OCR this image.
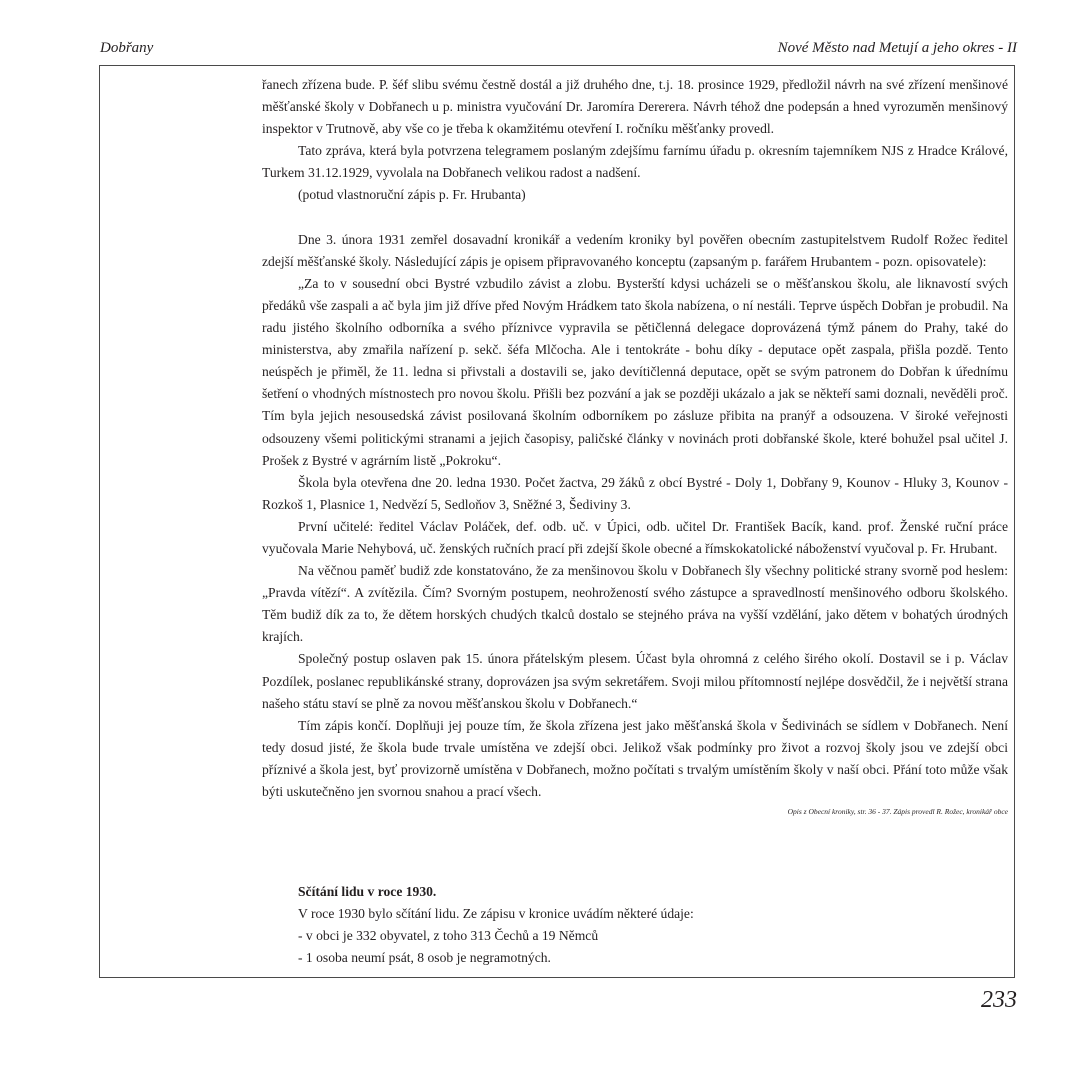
Dobřany	Nové Město nad Metují a jeho okres - II

řanech zřízena bude. P. šéf slibu svému čestně dostál a již druhého dne, t.j. 18. prosince 1929, předložil návrh na své zřízení menšinové měšťanské školy v Dobřanech u p. ministra vyučování Dr. Jaromíra Dererera. Návrh téhož dne podepsán a hned vyrozuměn menšinový inspektor v Trutnově, aby vše co je třeba k okamžitému otevření I. ročníku měšťanky provedl.

Tato zpráva, která byla potvrzena telegramem poslaným zdejšímu farnímu úřadu p. okresním tajemníkem NJS z Hradce Králové, Turkem 31.12.1929, vyvolala na Dobřanech velikou radost a nadšení.

(potud vlastnoruční zápis p. Fr. Hrubanta)

Dne 3. února 1931 zemřel dosavadní kronikář a vedením kroniky byl pověřen obecním zastupitelstvem Rudolf Rožec ředitel zdejší měšťanské školy. Následující zápis je opisem připravovaného konceptu (zapsaným p. farářem Hrubantem - pozn. opisovatele):

„Za to v sousední obci Bystré vzbudilo závist a zlobu. Bysterští kdysi ucházeli se o měšťanskou školu, ale liknavostí svých předáků vše zaspali a ač byla jim již dříve před Novým Hrádkem tato škola nabízena, o ní nestáli. Teprve úspěch Dobřan je probudil. Na radu jistého školního odborníka a svého příznivce vypravila se pětičlenná delegace doprovázená týmž pánem do Prahy, také do ministerstva, aby zmařila nařízení p. sekč. šéfa Mlčocha. Ale i tentokráte - bohu díky - deputace opět zaspala, přišla pozdě. Tento neúspěch je přiměl, že 11. ledna si přivstali a dostavili se, jako devítičlenná deputace, opět se svým patronem do Dobřan k úřednímu šetření o vhodných místnostech pro novou školu. Přišli bez pozvání a jak se později ukázalo a jak se někteří sami doznali, nevěděli proč. Tím byla jejich nesousedská závist posilovaná školním odborníkem po zásluze přibita na pranýř a odsouzena. V široké veřejnosti odsouzeny všemi politickými stranami a jejich časopisy, paličské články v novinách proti dobřanské škole, které bohužel psal učitel J. Prošek z Bystré v agrárním listě „Pokroku“.

Škola byla otevřena dne 20. ledna 1930. Počet žactva, 29 žáků z obcí Bystré - Doly 1, Dobřany 9, Kounov - Hluky 3, Kounov - Rozkoš 1, Plasnice 1, Nedvězí 5, Sedloňov 3, Sněžné 3, Šediviny 3.

První učitelé: ředitel Václav Poláček, def. odb. uč. v Úpici, odb. učitel Dr. František Bacík, kand. prof. Ženské ruční práce vyučovala Marie Nehybová, uč. ženských ručních prací při zdejší škole obecné a římskokatolické náboženství vyučoval p. Fr. Hrubant.

Na věčnou paměť budiž zde konstatováno, že za menšinovou školu v Dobřanech šly všechny politické strany svorně pod heslem: „Pravda vítězí“. A zvítězila. Čím? Svorným postupem, neohrožeností svého zástupce a spravedlností menšinového odboru školského. Těm budiž dík za to, že dětem horských chudých tkalců dostalo se stejného práva na vyšší vzdělání, jako dětem v bohatých úrodných krajích.

Společný postup oslaven pak 15. února přátelským plesem. Účast byla ohromná z celého širého okolí. Dostavil se i p. Václav Pozdílek, poslanec republikánské strany, doprovázen jsa svým sekretářem. Svoji milou přítomností nejlépe dosvědčil, že i největší strana našeho státu staví se plně za novou měšťanskou školu v Dobřanech.“

Tím zápis končí. Doplňuji jej pouze tím, že škola zřízena jest jako měšťanská škola v Šedivinách se sídlem v Dobřanech. Není tedy dosud jisté, že škola bude trvale umístěna ve zdejší obci. Jelikož však podmínky pro život a rozvoj školy jsou ve zdejší obci příznivé a škola jest, byť provizorně umístěna v Dobřanech, možno počítati s trvalým umístěním školy v naší obci. Přání toto může však býti uskutečněno jen svornou snahou a prací všech.

Opis z Obecní kroniky, str. 36 - 37. Zápis provedl R. Rožec, kronikář obce

Sčítání lidu v roce 1930.

V roce 1930 bylo sčítání lidu. Ze zápisu v kronice uvádím některé údaje:

- v obci je 332 obyvatel, z toho 313 Čechů a 19 Němců

- 1 osoba neumí psát, 8 osob je negramotných.

233
